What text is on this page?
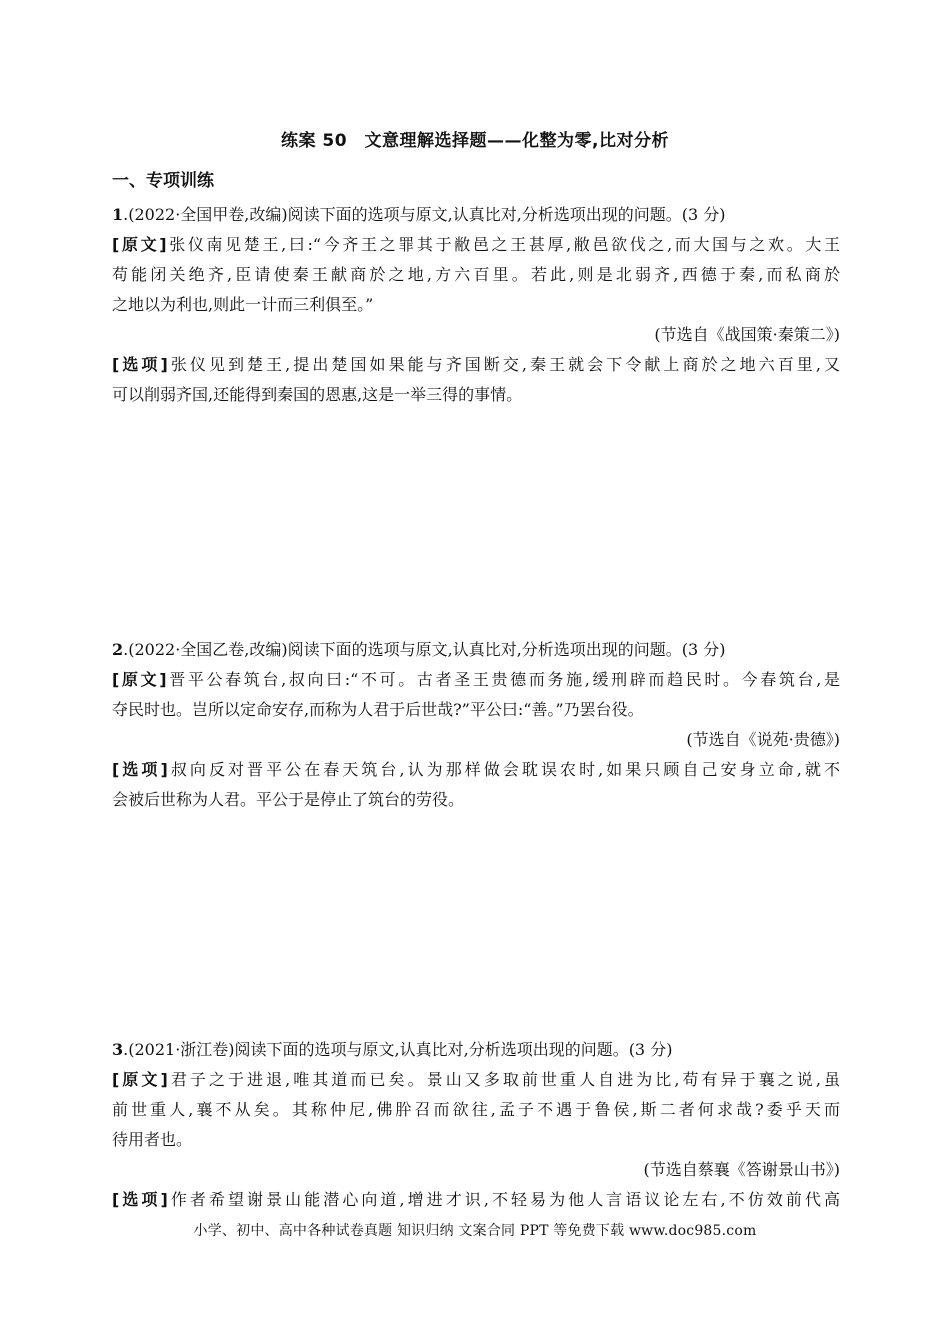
练案 50　文意理解选择题——化整为零,比对分析
一、专项训练
1.(2022·全国甲卷,改编)阅读下面的选项与原文,认真比对,分析选项出现的问题。(3 分)
[原文]张仪南见楚王,曰:“今齐王之罪其于敝邑之王甚厚,敝邑欲伐之,而大国与之欢。大王
苟能闭关绝齐,臣请使秦王献商於之地,方六百里。若此,则是北弱齐,西德于秦,而私商於
之地以为利也,则此一计而三利俱至。”
(节选自《战国策·秦策二》)
[选项]张仪见到楚王,提出楚国如果能与齐国断交,秦王就会下令献上商於之地六百里,又
可以削弱齐国,还能得到秦国的恩惠,这是一举三得的事情。
2.(2022·全国乙卷,改编)阅读下面的选项与原文,认真比对,分析选项出现的问题。(3 分)
[原文]晋平公春筑台,叔向曰:“不可。古者圣王贵德而务施,缓刑辟而趋民时。今春筑台,是
夺民时也。岂所以定命安存,而称为人君于后世哉?”平公曰:“善。”乃罢台役。
(节选自《说苑·贵德》)
[选项]叔向反对晋平公在春天筑台,认为那样做会耽误农时,如果只顾自己安身立命,就不
会被后世称为人君。平公于是停止了筑台的劳役。
3.(2021·浙江卷)阅读下面的选项与原文,认真比对,分析选项出现的问题。(3 分)
[原文]君子之于进退,唯其道而已矣。景山又多取前世重人自进为比,苟有异于襄之说,虽
前世重人,襄不从矣。其称仲尼,佛肸召而欲往,孟子不遇于鲁侯,斯二者何求哉?委乎天而
待用者也。
(节选自蔡襄《答谢景山书》)
[选项]作者希望谢景山能潜心向道,增进才识,不轻易为他人言语议论左右,不仿效前代高
小学、初中、高中各种试卷真题 知识归纳 文案合同 PPT 等免费下载 www.doc985.com
